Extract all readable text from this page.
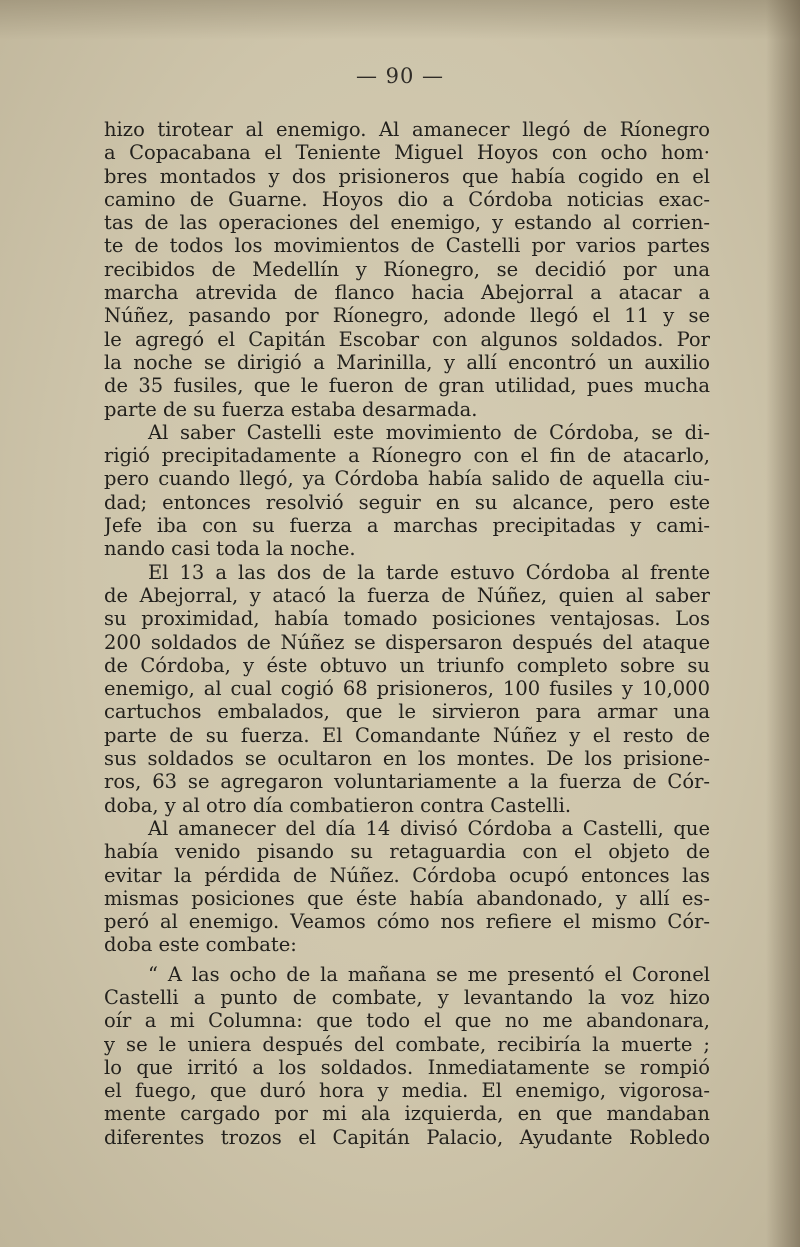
— 90 —
hizo tirotear al enemigo. Al amanecer llegó de Ríonegro
a Copacabana el Teniente Miguel Hoyos con ocho hom·
bres montados y dos prisioneros que había cogido en el
camino de Guarne. Hoyos dio a Córdoba noticias exac-
tas de las operaciones del enemigo, y estando al corrien-
te de todos los movimientos de Castelli por varios partes
recibidos de Medellín y Ríonegro, se decidió por una
marcha atrevida de flanco hacia Abejorral a atacar a
Núñez, pasando por Ríonegro, adonde llegó el 11 y se
le agregó el Capitán Escobar con algunos soldados. Por
la noche se dirigió a Marinilla, y allí encontró un auxilio
de 35 fusiles, que le fueron de gran utilidad, pues mucha
parte de su fuerza estaba desarmada.
Al saber Castelli este movimiento de Córdoba, se di-
rigió precipitadamente a Ríonegro con el fin de atacarlo,
pero cuando llegó, ya Córdoba había salido de aquella ciu-
dad; entonces resolvió seguir en su alcance, pero este
Jefe iba con su fuerza a marchas precipitadas y cami-
nando casi toda la noche.
El 13 a las dos de la tarde estuvo Córdoba al frente
de Abejorral, y atacó la fuerza de Núñez, quien al saber
su proximidad, había tomado posiciones ventajosas. Los
200 soldados de Núñez se dispersaron después del ataque
de Córdoba, y éste obtuvo un triunfo completo sobre su
enemigo, al cual cogió 68 prisioneros, 100 fusiles y 10,000
cartuchos embalados, que le sirvieron para armar una
parte de su fuerza. El Comandante Núñez y el resto de
sus soldados se ocultaron en los montes. De los prisione-
ros, 63 se agregaron voluntariamente a la fuerza de Cór-
doba, y al otro día combatieron contra Castelli.
Al amanecer del día 14 divisó Córdoba a Castelli, que
había venido pisando su retaguardia con el objeto de
evitar la pérdida de Núñez. Córdoba ocupó entonces las
mismas posiciones que éste había abandonado, y allí es-
peró al enemigo. Veamos cómo nos refiere el mismo Cór-
doba este combate:
“ A las ocho de la mañana se me presentó el Coronel
Castelli a punto de combate, y levantando la voz hizo
oír a mi Columna: que todo el que no me abandonara,
y se le uniera después del combate, recibiría la muerte ;
lo que irritó a los soldados. Inmediatamente se rompió
el fuego, que duró hora y media. El enemigo, vigorosa-
mente cargado por mi ala izquierda, en que mandaban
diferentes trozos el Capitán Palacio, Ayudante Robledo
